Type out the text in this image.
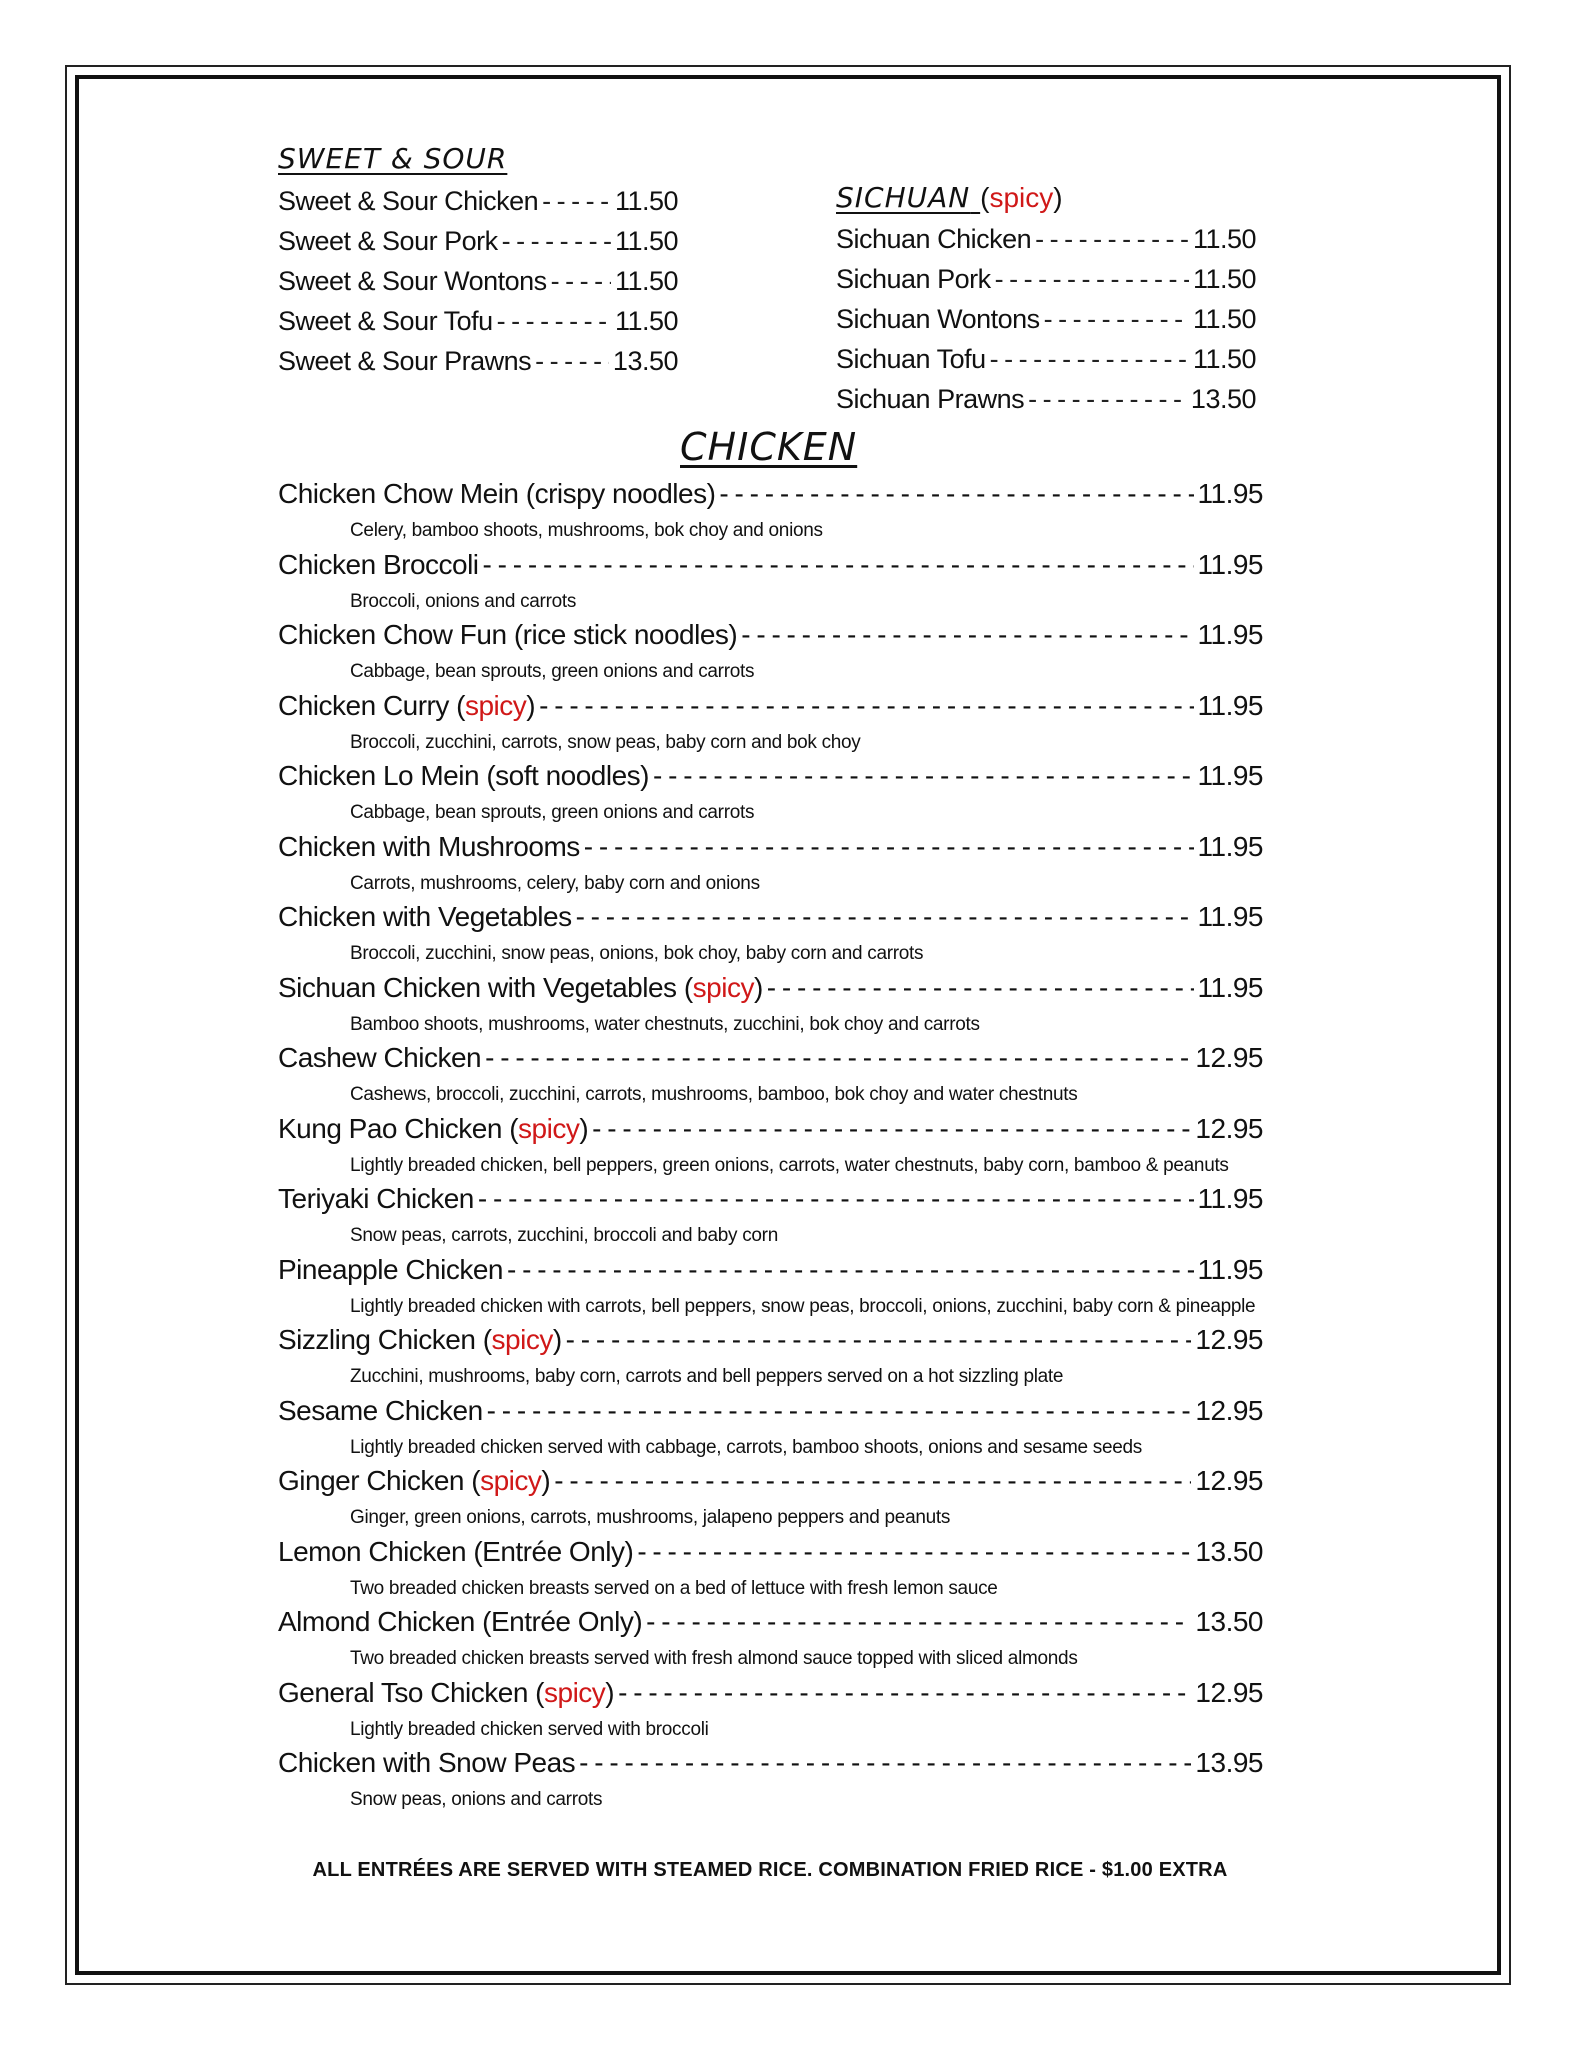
SWEET & SOUR
Sweet & Sour Chicken - - -	11.50
Sweet & Sour Pork - - -	11.50
Sweet & Sour Wontons - - -	11.50
Sweet & Sour Tofu - - -	11.50
Sweet & Sour Prawns - - -	13.50
SICHUAN (spicy)
Sichuan Chicken - - -	11.50
Sichuan Pork - - -	11.50
Sichuan Wontons - - -	11.50
Sichuan Tofu - - -	11.50
Sichuan Prawns - - -	13.50
CHICKEN
Chicken Chow Mein (crispy noodles) - - -	11.95
Celery, bamboo shoots, mushrooms, bok choy and onions
Chicken Broccoli - - -	11.95
Broccoli, onions and carrots
Chicken Chow Fun (rice stick noodles) - - -	11.95
Cabbage, bean sprouts, green onions and carrots
Chicken Curry (spicy) - - -	11.95
Broccoli, zucchini, carrots, snow peas, baby corn and bok choy
Chicken Lo Mein (soft noodles) - - -	11.95
Cabbage, bean sprouts, green onions and carrots
Chicken with Mushrooms - - -	11.95
Carrots, mushrooms, celery, baby corn and onions
Chicken with Vegetables - - -	11.95
Broccoli, zucchini, snow peas, onions, bok choy, baby corn and carrots
Sichuan Chicken with Vegetables (spicy) - - -	11.95
Bamboo shoots, mushrooms, water chestnuts, zucchini, bok choy and carrots
Cashew Chicken - - -	12.95
Cashews, broccoli, zucchini, carrots, mushrooms, bamboo, bok choy and water chestnuts
Kung Pao Chicken (spicy) - - -	12.95
Lightly breaded chicken, bell peppers, green onions, carrots, water chestnuts, baby corn, bamboo & peanuts
Teriyaki Chicken - - -	11.95
Snow peas, carrots, zucchini, broccoli and baby corn
Pineapple Chicken - - -	11.95
Lightly breaded chicken with carrots, bell peppers, snow peas, broccoli, onions, zucchini, baby corn & pineapple
Sizzling Chicken (spicy) - - -	12.95
Zucchini, mushrooms, baby corn, carrots and bell peppers served on a hot sizzling plate
Sesame Chicken - - -	12.95
Lightly breaded chicken served with cabbage, carrots, bamboo shoots, onions and sesame seeds
Ginger Chicken (spicy) - - -	12.95
Ginger, green onions, carrots, mushrooms, jalapeno peppers and peanuts
Lemon Chicken (Entrée Only) - - -	13.50
Two breaded chicken breasts served on a bed of lettuce with fresh lemon sauce
Almond Chicken (Entrée Only) - - -	13.50
Two breaded chicken breasts served with fresh almond sauce topped with sliced almonds
General Tso Chicken (spicy) - - -	12.95
Lightly breaded chicken served with broccoli
Chicken with Snow Peas - - -	13.95
Snow peas, onions and carrots
ALL ENTRÉES ARE SERVED WITH STEAMED RICE. COMBINATION FRIED RICE - $1.00 EXTRA
